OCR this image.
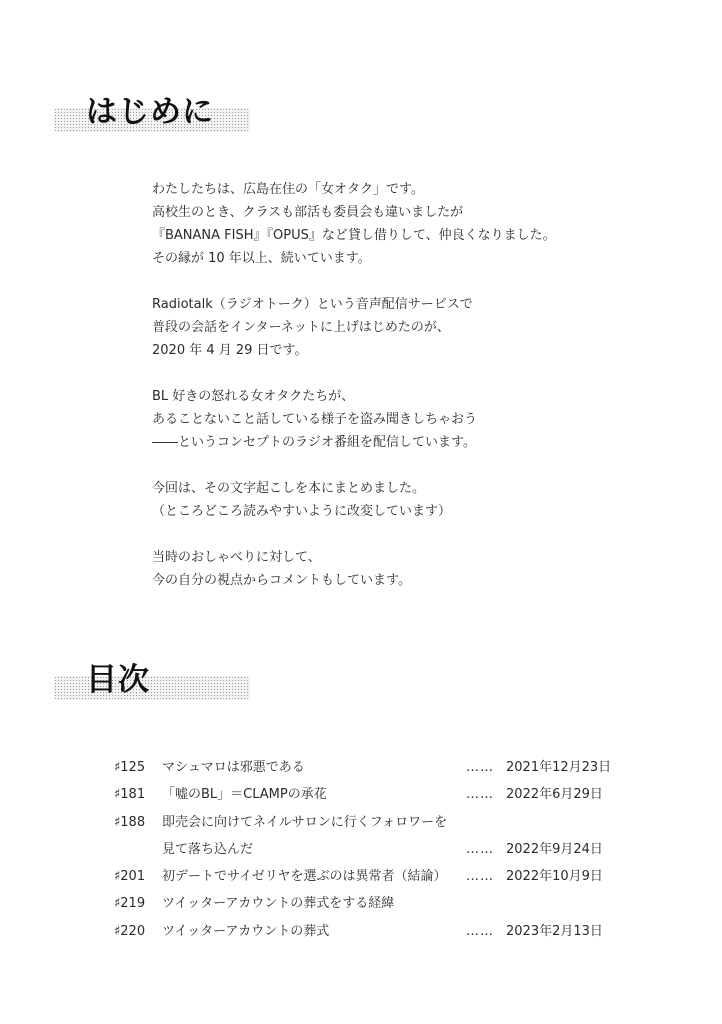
はじめに
わたしたちは、広島在住の「女オタク」です。
高校生のとき、クラスも部活も委員会も違いましたが
『BANANA FISH』『OPUS』など貸し借りして、仲良くなりました。
その縁が 10 年以上、続いています。
Radiotalk（ラジオトーク）という音声配信サービスで
普段の会話をインターネットに上げはじめたのが、
2020 年 4 月 29 日です。
BL 好きの怒れる女オタクたちが、
あることないこと話している様子を盗み聞きしちゃおう
――というコンセプトのラジオ番組を配信しています。
今回は、その文字起こしを本にまとめました。
（ところどころ読みやすいように改変しています）
当時のおしゃべりに対して、
今の自分の視点からコメントもしています。
目次
♯125 マシュマロは邪悪である	…… 2021年12月23日
♯181 「嘘のBL」＝CLAMPの承花	…… 2022年6月29日
♯188 即売会に向けてネイルサロンに行くフォロワーを
見て落ち込んだ	…… 2022年9月24日
♯201 初デートでサイゼリヤを選ぶのは異常者（結論） …… 2022年10月9日
♯219 ツイッターアカウントの葬式をする経緯
♯220 ツイッターアカウントの葬式	…… 2023年2月13日
